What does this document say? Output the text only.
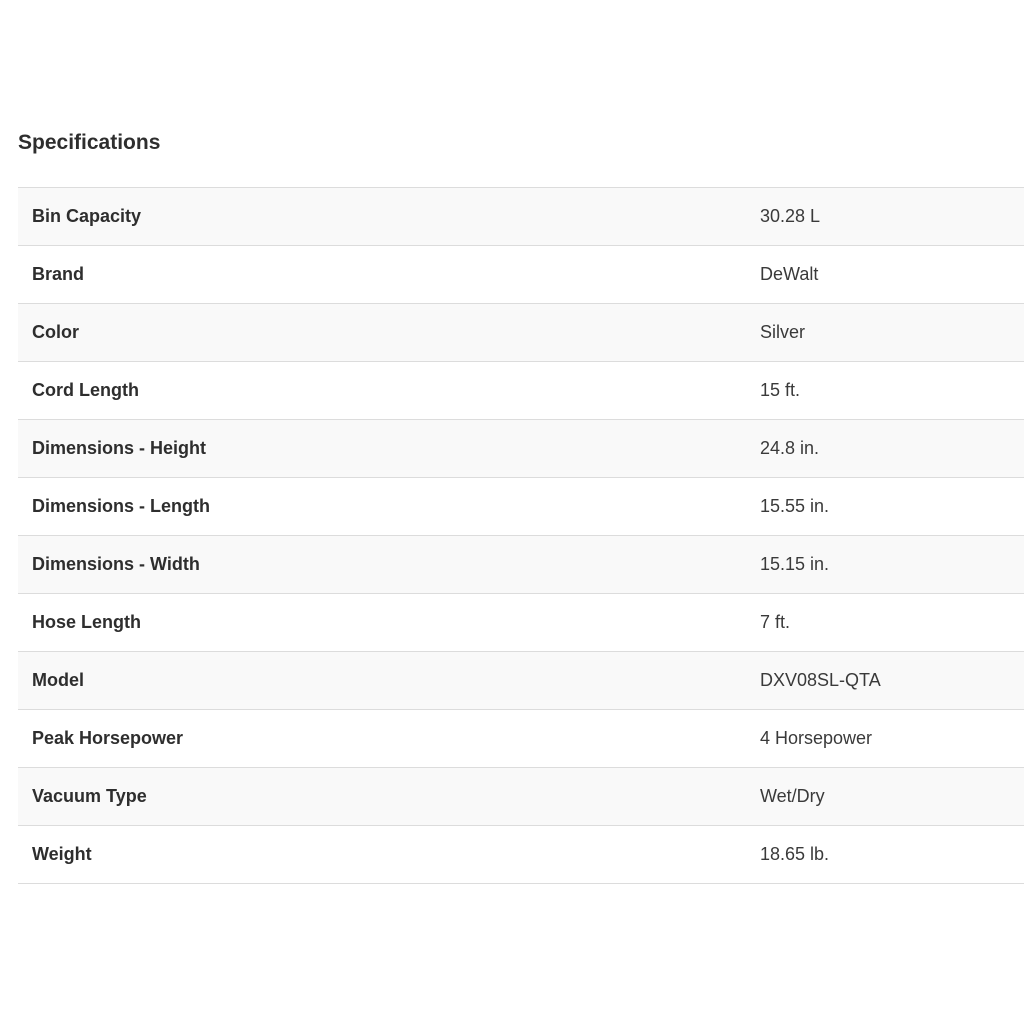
Specifications
Bin Capacity	30.28 L
Brand	DeWalt
Color	Silver
Cord Length	15 ft.
Dimensions - Height	24.8 in.
Dimensions - Length	15.55 in.
Dimensions - Width	15.15 in.
Hose Length	7 ft.
Model	DXV08SL-QTA
Peak Horsepower	4 Horsepower
Vacuum Type	Wet/Dry
Weight	18.65 lb.
